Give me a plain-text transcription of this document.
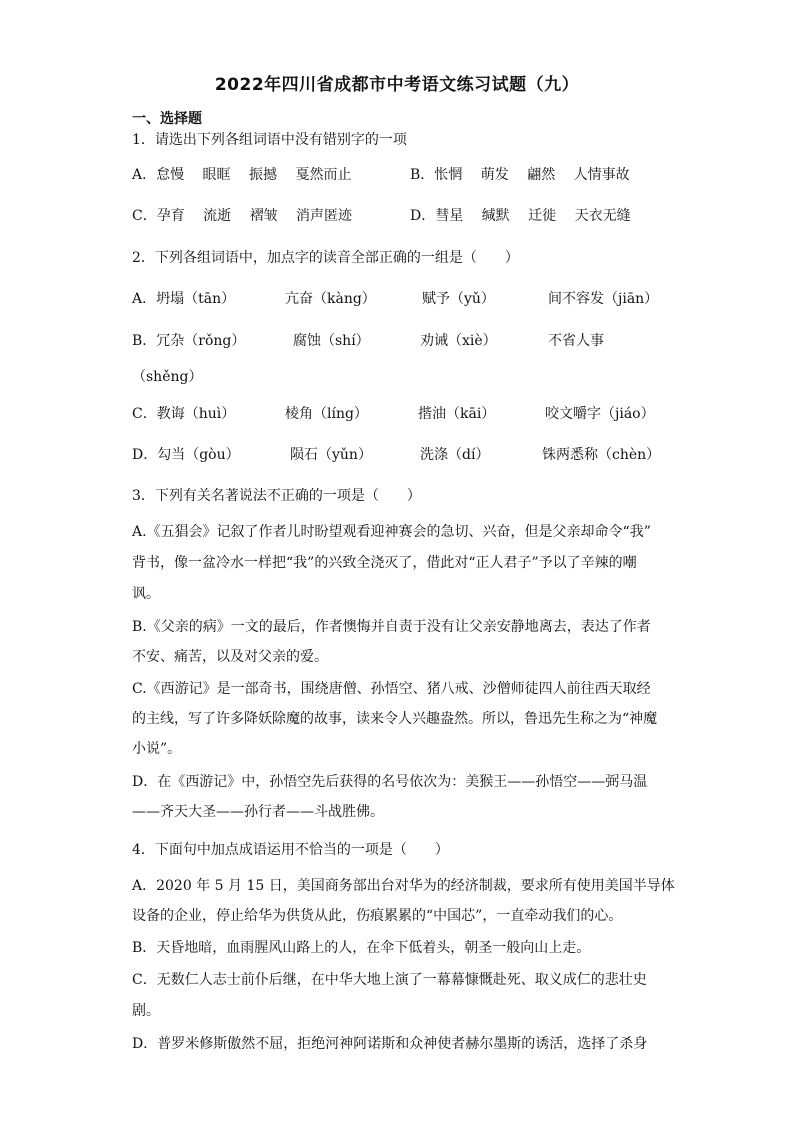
2022年四川省成都市中考语文练习试题（九）
一、选择题
1．请选出下列各组词语中没有错别字的一项
A．怠慢　 眼眶　 振撼　 戛然而止	B．怅惘　 萌发　 翩然　 人情事故
C．孕育　 流逝　 褶皱　 消声匿迹	D．彗星　 缄默　 迁徙　 天衣无缝
2．下列各组词语中，加点字的读音全部正确的一组是（　　）
A．坍塌（tān）	亢奋（kàng）	赋予（yǔ）	间不容发（jiān）
B．冗杂（rǒng）	腐蚀（shí）	劝诫（xiè）	不省人事
（shěng）
C．教诲（huì）	棱角（líng）	揩油（kāi）	咬文嚼字（jiáo）
D．勾当（gòu）	陨石（yǔn）	洗涤（dí）	铢两悉称（chèn）
3．下列有关名著说法不正确的一项是（　　）
A.《五猖会》记叙了作者儿时盼望观看迎神赛会的急切、兴奋，但是父亲却命令“我”
背书，像一盆冷水一样把“我”的兴致全浇灭了，借此对“正人君子”予以了辛辣的嘲
讽。
B.《父亲的病》一文的最后，作者懊悔并自责于没有让父亲安静地离去，表达了作者
不安、痛苦，以及对父亲的爱。
C.《西游记》是一部奇书，围绕唐僧、孙悟空、猪八戒、沙僧师徒四人前往西天取经
的主线，写了许多降妖除魔的故事，读来令人兴趣盎然。所以，鲁迅先生称之为“神魔
小说”。
D．在《西游记》中，孙悟空先后获得的名号依次为：美猴王——孙悟空——弼马温
——齐天大圣——孙行者——斗战胜佛。
4．下面句中加点成语运用不恰当的一项是（　　）
A．2020 年 5 月 15 日，美国商务部出台对华为的经济制裁，要求所有使用美国半导体
设备的企业，停止给华为供货从此，伤痕累累的“中国芯”，一直牵动我们的心。
B．天昏地暗，血雨腥风山路上的人，在伞下低着头，朝圣一般向山上走。
C．无数仁人志士前仆后继，在中华大地上演了一幕幕慷慨赴死、取义成仁的悲壮史
剧。
D．普罗米修斯傲然不屈，拒绝河神阿诺斯和众神使者赫尔墨斯的诱活，选择了杀身
